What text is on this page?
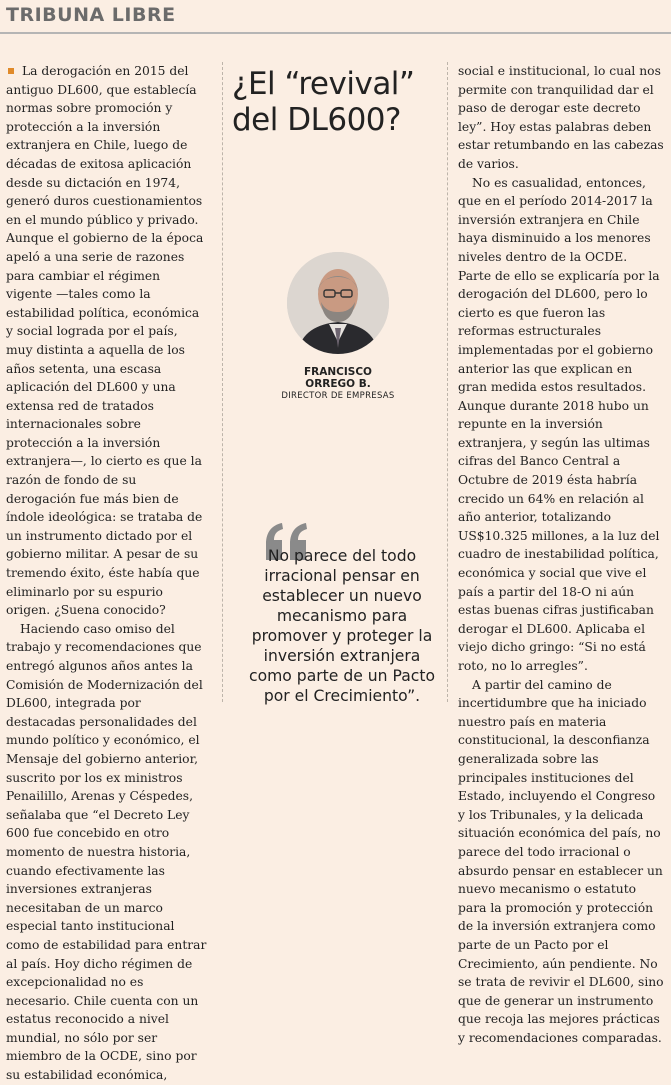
TRIBUNA LIBRE

La derogación en 2015 del antiguo DL600, que establecía normas sobre promoción y protección a la inversión extranjera en Chile, luego de décadas de exitosa aplicación desde su dictación en 1974, generó duros cuestionamientos en el mundo público y privado. Aunque el gobierno de la época apeló a una serie de razones para cambiar el régimen vigente —tales como la estabilidad política, económica y social lograda por el país, muy distinta a aquella de los años setenta, una escasa aplicación del DL600 y una extensa red de tratados internacionales sobre protección a la inversión extranjera—, lo cierto es que la razón de fondo de su derogación fue más bien de índole ideológica: se trataba de un instrumento dictado por el gobierno militar. A pesar de su tremendo éxito, éste había que eliminarlo por su espurio origen. ¿Suena conocido?

Haciendo caso omiso del trabajo y recomendaciones que entregó algunos años antes la Comisión de Modernización del DL600, integrada por destacadas personalidades del mundo político y económico, el Mensaje del gobierno anterior, suscrito por los ex ministros Penailillo, Arenas y Céspedes, señalaba que “el Decreto Ley 600 fue concebido en otro momento de nuestra historia, cuando efectivamente las inversiones extranjeras necesitaban de un marco especial tanto institucional como de estabilidad para entrar al país. Hoy dicho régimen de excepcionalidad no es necesario. Chile cuenta con un estatus reconocido a nivel mundial, no sólo por ser miembro de la OCDE, sino por su estabilidad económica,

¿El “revival” del DL600?
FRANCISCO
ORREGO B.
DIRECTOR DE EMPRESAS
No parece del todo irracional pensar en establecer un nuevo mecanismo para promover y proteger la inversión extranjera como parte de un Pacto por el Crecimiento”.

social e institucional, lo cual nos permite con tranquilidad dar el paso de derogar este decreto ley”. Hoy estas palabras deben estar retumbando en las cabezas de varios.

No es casualidad, entonces, que en el período 2014-2017 la inversión extranjera en Chile haya disminuido a los menores niveles dentro de la OCDE. Parte de ello se explicaría por la derogación del DL600, pero lo cierto es que fueron las reformas estructurales implementadas por el gobierno anterior las que explican en gran medida estos resultados. Aunque durante 2018 hubo un repunte en la inversión extranjera, y según las ultimas cifras del Banco Central a Octubre de 2019 ésta habría crecido un 64% en relación al año anterior, totalizando US$10.325 millones, a la luz del cuadro de inestabilidad política, económica y social que vive el país a partir del 18-O ni aún estas buenas cifras justificaban derogar el DL600. Aplicaba el viejo dicho gringo: “Si no está roto, no lo arregles”.

A partir del camino de incertidumbre que ha iniciado nuestro país en materia constitucional, la desconfianza generalizada sobre las principales instituciones del Estado, incluyendo el Congreso y los Tribunales, y la delicada situación económica del país, no parece del todo irracional o absurdo pensar en establecer un nuevo mecanismo o estatuto para la promoción y protección de la inversión extranjera como parte de un Pacto por el Crecimiento, aún pendiente. No se trata de revivir el DL600, sino que de generar un instrumento que recoja las mejores prácticas y recomendaciones comparadas.
